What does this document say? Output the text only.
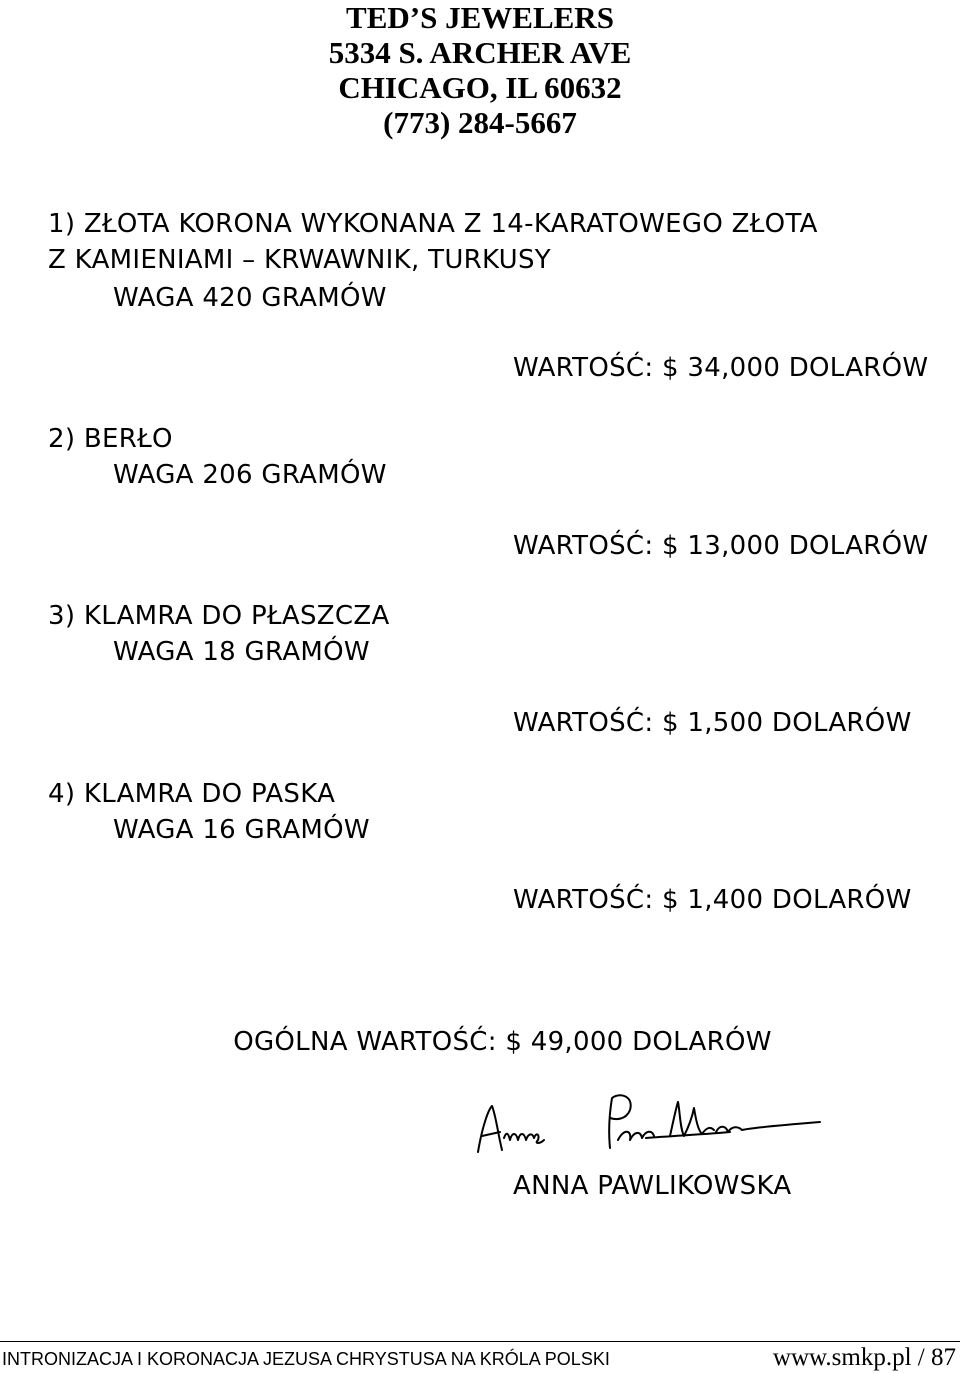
TED’S JEWELERS
5334 S. ARCHER AVE
CHICAGO, IL 60632
(773) 284-5667
1) ZŁOTA KORONA WYKONANA Z 14-KARATOWEGO ZŁOTA
Z KAMIENIAMI – KRWAWNIK, TURKUSY
WAGA 420 GRAMÓW
WARTOŚĆ: $ 34,000 DOLARÓW
2) BERŁO
WAGA 206 GRAMÓW
WARTOŚĆ: $ 13,000 DOLARÓW
3) KLAMRA DO PŁASZCZA
WAGA 18 GRAMÓW
WARTOŚĆ: $ 1,500 DOLARÓW
4) KLAMRA DO PASKA
WAGA 16 GRAMÓW
WARTOŚĆ: $ 1,400 DOLARÓW
OGÓLNA WARTOŚĆ: $ 49,000 DOLARÓW
ANNA PAWLIKOWSKA
INTRONIZACJA I KORONACJA JEZUSA CHRYSTUSA NA KRÓLA POLSKI	www.smkp.pl / 87
